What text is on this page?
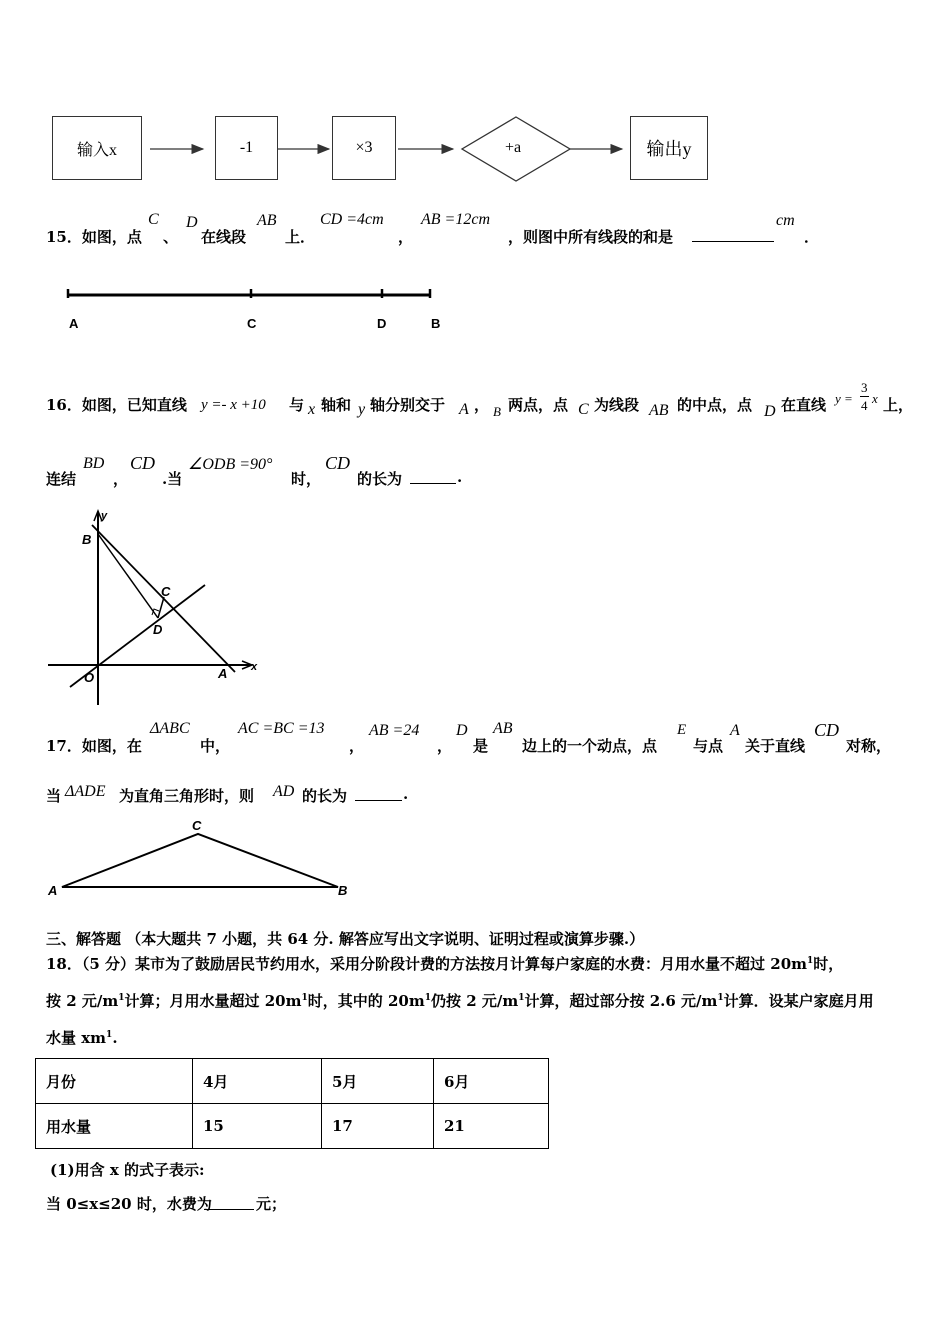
输入x	-1	×3	+a	输出y
15．如图，点
C
、
D
在线段
AB
上．
CD =4cm
，
AB =12cm
，则图中所有线段的和是
cm
．
A	C	D	B
16．如图，已知直线 y =- x +10 与 x 轴和 y 轴分别交于 A ， B 两点，点 C 为线段 AB 的中点，点 D 在直线 y =
3
4 x 上，
连结
BD
，
CD
.当
∠ODB =90°
时，
CD
的长为	.
y
B
C
D
O	A x
17．如图，在
ΔABC
中，
AC =BC =13
，
AB =24
，
D
是
AB
边上的一个动点，点
E
与点
A
关于直线
CD
对称，
当 ΔADE 为直角三角形时，则 AD 的长为	.
C
A	B
三、解答题 （本大题共 7 小题，共 64 分. 解答应写出文字说明、证明过程或演算步骤.）
18．（5 分）某市为了鼓励居民节约用水，采用分阶段计费的方法按月计算每户家庭的水费：月用水量不超过 $20m^1$时，
按 2 元$/m^1$计算；月用水量超过 $20m^1$时，其中的 $20m^1$仍按 2 元$/m^1$计算，超过部分按 2.6 元$/m^1$计算．设某户家庭月用
水量 $xm^1$.
月份	4月	5月	6月
用水量	15	17	21
(1)用含 x 的式子表示:
当 0≤x≤20 时，水费为	元；
